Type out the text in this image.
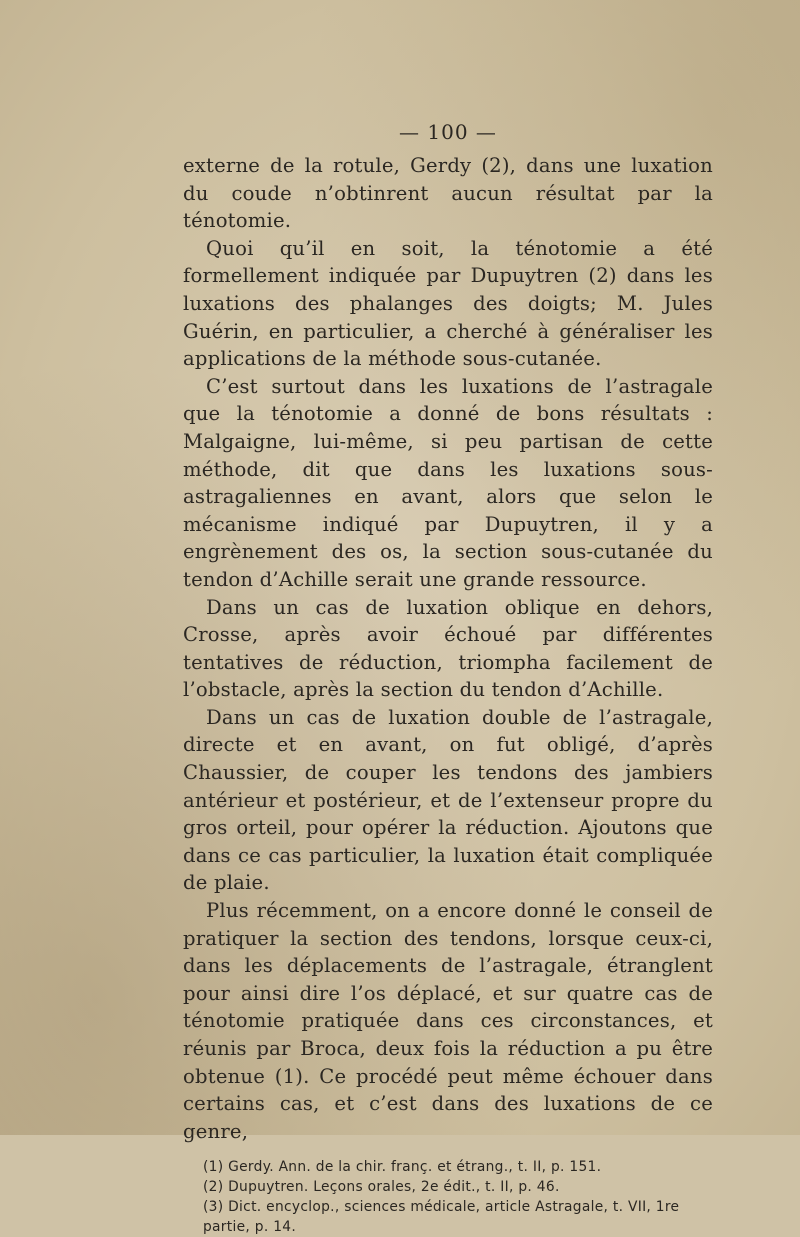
— 100 —

externe de la rotule, Gerdy (2), dans une luxation du coude n’obtinrent aucun résultat par la ténotomie.

Quoi qu’il en soit, la ténotomie a été formellement indiquée par Dupuytren (2) dans les luxations des phalanges des doigts; M. Jules Guérin, en particulier, a cherché à généraliser les applications de la méthode sous-cutanée.

C’est surtout dans les luxations de l’astragale que la ténotomie a donné de bons résultats : Malgaigne, lui-même, si peu partisan de cette méthode, dit que dans les luxations sous-astragaliennes en avant, alors que selon le mécanisme indiqué par Dupuytren, il y a engrènement des os, la section sous-cutanée du tendon d’Achille serait une grande ressource.

Dans un cas de luxation oblique en dehors, Crosse, après avoir échoué par différentes tentatives de réduction, triompha facilement de l’obstacle, après la section du tendon d’Achille.

Dans un cas de luxation double de l’astragale, directe et en avant, on fut obligé, d’après Chaussier, de couper les tendons des jambiers antérieur et postérieur, et de l’extenseur propre du gros orteil, pour opérer la réduction. Ajoutons que dans ce cas particulier, la luxation était compliquée de plaie.

Plus récemment, on a encore donné le conseil de pratiquer la section des tendons, lorsque ceux-ci, dans les déplacements de l’astragale, étranglent pour ainsi dire l’os déplacé, et sur quatre cas de ténotomie pratiquée dans ces circonstances, et réunis par Broca, deux fois la réduction a pu être obtenue (1). Ce procédé peut même échouer dans certains cas, et c’est dans des luxations de ce genre,

(1) Gerdy. Ann. de la chir. franç. et étrang., t. II, p. 151.

(2) Dupuytren. Leçons orales, 2e édit., t. II, p. 46.

(3) Dict. encyclop., sciences médicale, article Astragale, t. VII, 1re partie, p. 14.
